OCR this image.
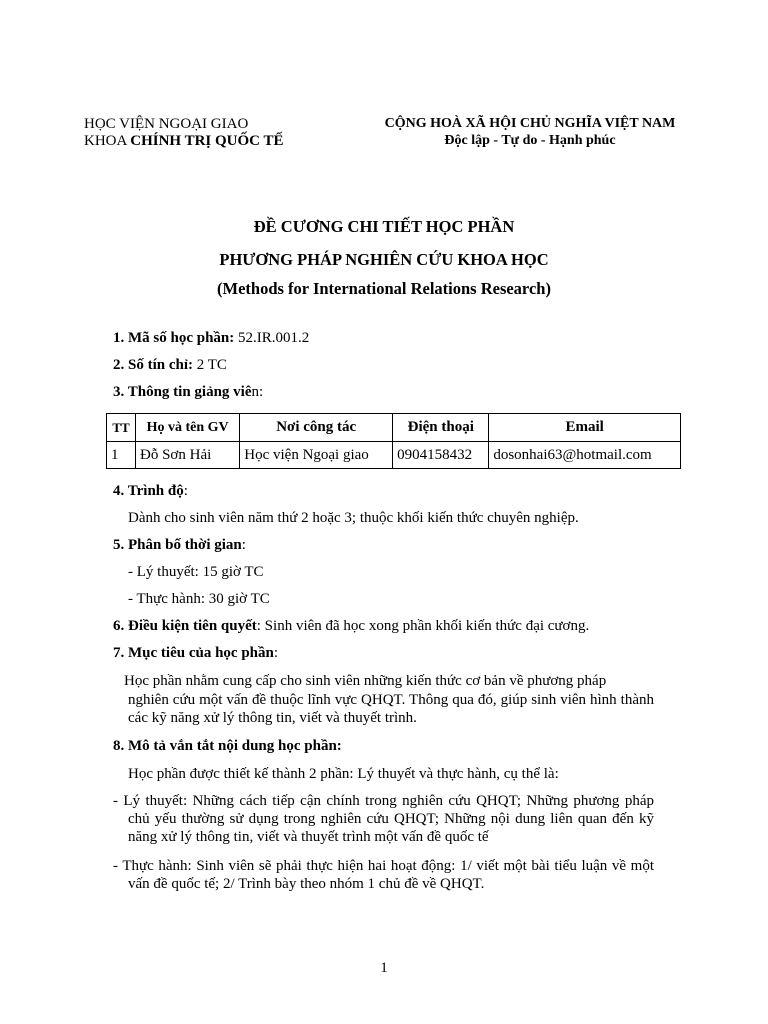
HỌC VIỆN NGOẠI GIAO
KHOA CHÍNH TRỊ QUỐC TẾ
CỘNG HOÀ XÃ HỘI CHỦ NGHĨA VIỆT NAM
Độc lập - Tự do - Hạnh phúc
ĐỀ CƯƠNG CHI TIẾT HỌC PHẦN
PHƯƠNG PHÁP NGHIÊN CỨU KHOA HỌC
(Methods for International Relations Research)
1. Mã số học phần: 52.IR.001.2
2. Số tín chỉ: 2 TC
3. Thông tin giảng viên:
TT	Họ và tên GV	Nơi công tác	Điện thoại	Email
1	Đỗ Sơn Hải	Học viện Ngoại giao	0904158432	dosonhai63@hotmail.com
4. Trình độ:
Dành cho sinh viên năm thứ 2 hoặc 3; thuộc khối kiến thức chuyên nghiệp.
5. Phân bố thời gian:
- Lý thuyết: 15 giờ TC
- Thực hành: 30 giờ TC
6. Điều kiện tiên quyết: Sinh viên đã học xong phần khối kiến thức đại cương.
7. Mục tiêu của học phần:
Học phần nhằm cung cấp cho sinh viên những kiến thức cơ bản về phương pháp
nghiên cứu một vấn đề thuộc lĩnh vực QHQT. Thông qua đó, giúp sinh viên hình thành các kỹ năng xử lý thông tin, viết và thuyết trình.
8. Mô tả vắn tắt nội dung học phần:
Học phần được thiết kế thành 2 phần: Lý thuyết và thực hành, cụ thể là:
- Lý thuyết: Những cách tiếp cận chính trong nghiên cứu QHQT; Những phương pháp chủ yếu thường sử dụng trong nghiên cứu QHQT; Những nội dung liên quan đến kỹ năng xử lý thông tin, viết và thuyết trình một vấn đề quốc tế
- Thực hành: Sinh viên sẽ phải thực hiện hai hoạt động: 1/ viết một bài tiểu luận về một vấn đề quốc tế; 2/ Trình bày theo nhóm 1 chủ đề về QHQT.
1
